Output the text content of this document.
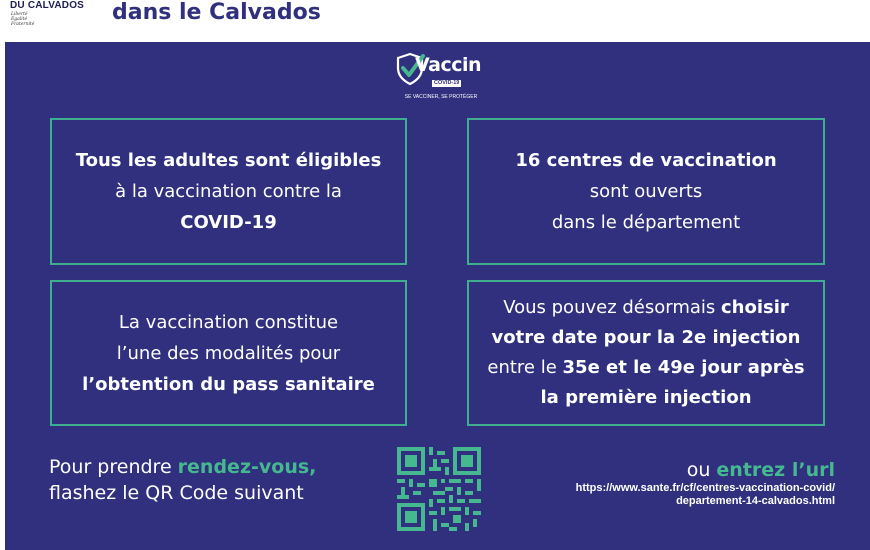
DU CALVADOS
Liberté
Égalité
Fraternité	dans le Calvados
Vaccin
COVID-19
SE VACCINER, SE PROTÉGER
Tous les adultes sont éligibles
à la vaccination contre la
COVID-19
16 centres de vaccination
sont ouverts
dans le département
La vaccination constitue
l’une des modalités pour
l’obtention du pass sanitaire
Vous pouvez désormais choisir
votre date pour la 2e injection
entre le 35e et le 49e jour après
la première injection
Pour prendre rendez-vous,
flashez le QR Code suivant
ou entrez l’url
https://www.sante.fr/cf/centres-vaccination-covid/
departement-14-calvados.html
